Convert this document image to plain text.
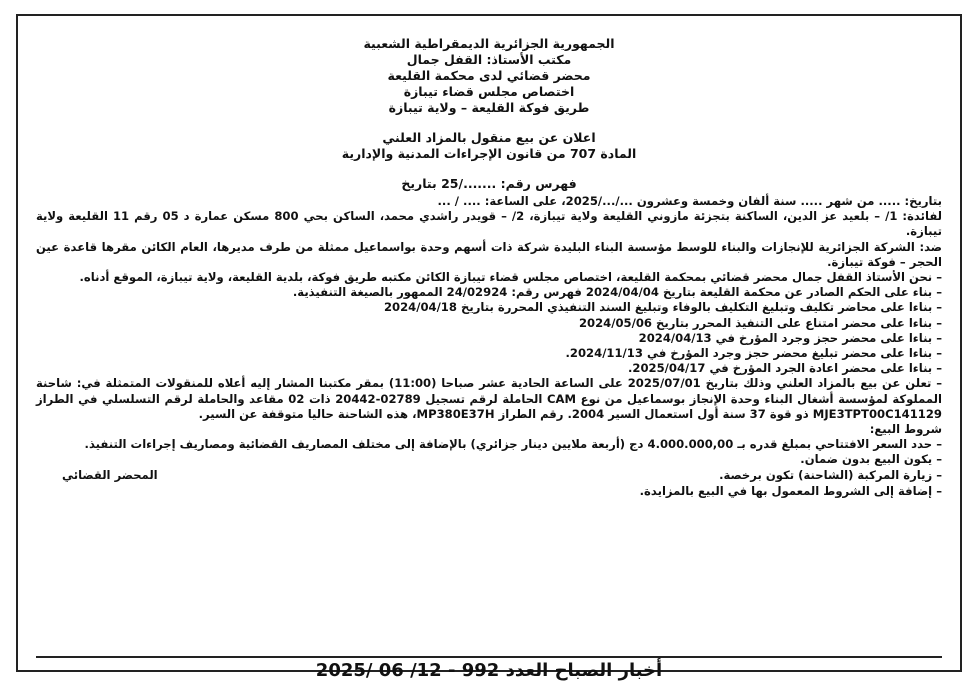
الجمهورية الجزائرية الديمقراطية الشعبية
مكتب الأستاذ: القفل جمال
محضر قضائي لدى محكمة القليعة
اختصاص مجلس قضاء تيبازة
طريق فوكة القليعة – ولاية تيبازة
اعلان عن بيع منقول بالمزاد العلني
المادة 707 من قانون الإجراءات المدنية والإدارية
فهرس رقم: ......./25 بتاريخ

بتاريخ: ..... من شهر ..... سنة ألفان وخمسة وعشرون .../.../2025، على الساعة: .... / ...

لفائدة: 1/ – بلعيد عز الدين، الساكنة بتجزئة مازوني القليعة ولاية تيبازة، 2/ – قويدر راشدي محمد، الساكن بحي 800 مسكن عمارة د 05 رقم 11 القليعة ولاية تيبازة.

ضد: الشركة الجزائرية للإنجازات والبناء للوسط مؤسسة البناء البليدة شركة ذات أسهم وحدة بواسماعيل ممثلة من طرف مديرها، العام الكائن مقرها قاعدة عين الحجر – فوكة تيبازة.

– نحن الأستاذ القفل جمال محضر قضائي بمحكمة القليعة، اختصاص مجلس قضاء تيبازة الكائن مكتبه طريق فوكة، بلدية القليعة، ولاية تيبازة، الموقع أدناه.

– بناء على الحكم الصادر عن محكمة القليعة بتاريخ 2024/04/04 فهرس رقم: 24/02924 الممهور بالصيغة التنفيذية.

– بناءا على محاضر تكليف وتبليغ التكليف بالوفاء وتبليغ السند التنفيذي المحررة بتاريخ 2024/04/18

– بناءا على محضر امتناع على التنفيذ المحرر بتاريخ 2024/05/06

– بناءا على محضر حجز وجرد المؤرخ في 2024/04/13

– بناءا على محضر تبليغ محضر حجز وجرد المؤرخ في 2024/11/13.

– بناءا على محضر اعادة الجرد المؤرخ في 2025/04/17.

– تعلن عن بيع بالمزاد العلني وذلك بتاريخ 2025/07/01 على الساعة الحادية عشر صباحا (11:00) بمقر مكتبنا المشار إليه أعلاه للمنقولات المتمثلة في: شاحنة المملوكة لمؤسسة أشغال البناء وحدة الإنجاز بوسماعيل من نوع CAM الحاملة لرقم تسجيل 02789-20442 ذات 02 مقاعد والحاملة لرقم التسلسلي في الطراز MJE3TPT00C141129 ذو قوة 37 سنة أول استعمال السير 2004. رقم الطراز MP380E37H، هذه الشاحنة حاليا متوقفة عن السير.

شروط البيع:

– حدد السعر الافتتاحي بمبلغ قدره بـ 4.000.000,00 دج (أربعة ملايين دينار جزائري) بالإضافة إلى مختلف المصاريف القضائية ومصاريف إجراءات التنفيذ.

– يكون البيع بدون ضمان.

– زيارة المركبة (الشاحنة) تكون برخصة.
المحضر القضائي

– إضافة إلى الشروط المعمول بها في البيع بالمزايدة.

أخبار الصباح العدد 992 - 12/ 06 /2025
